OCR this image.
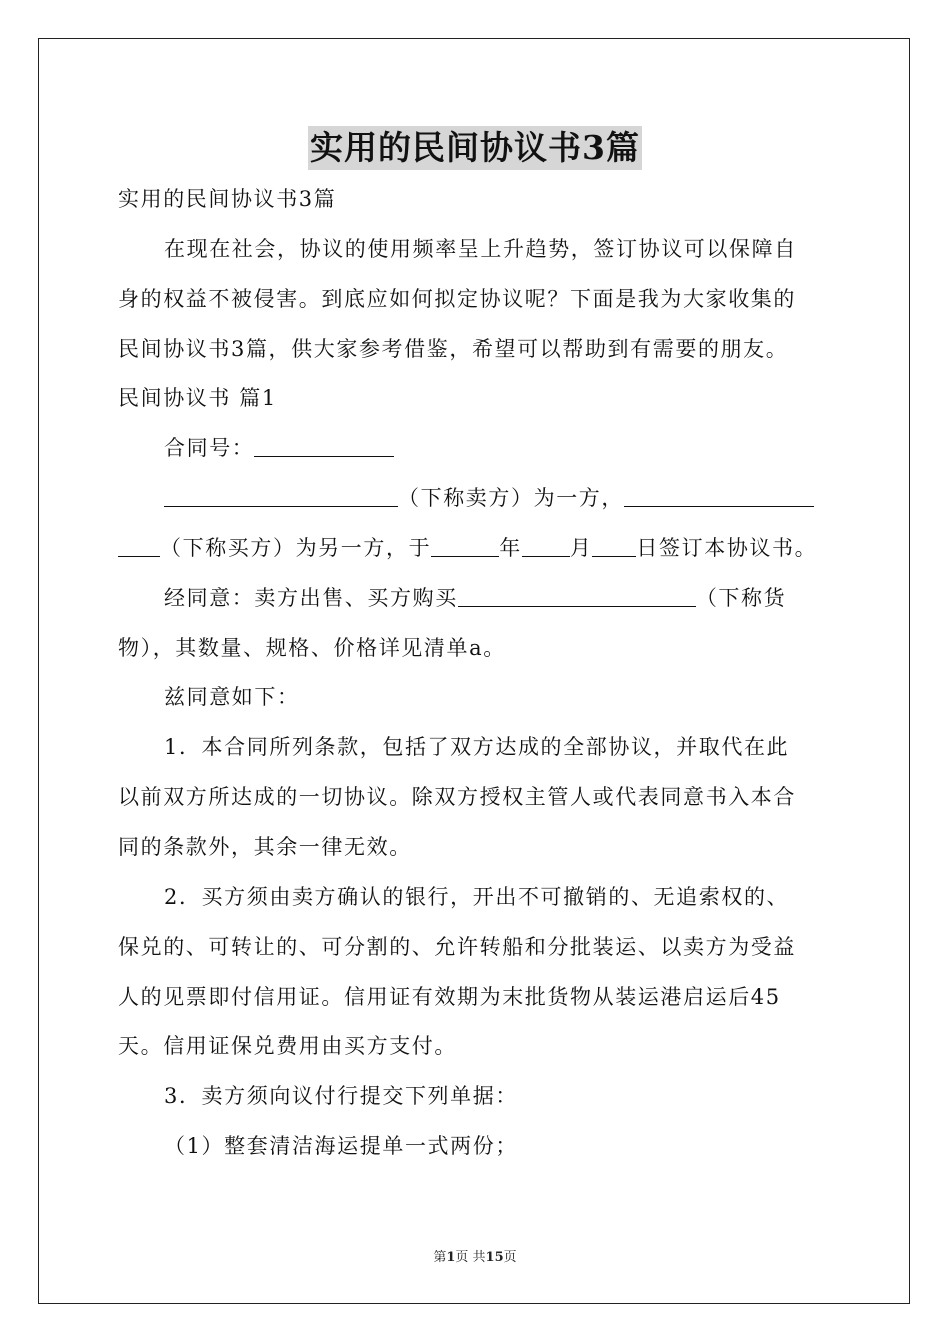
实用的民间协议书3篇
实用的民间协议书3篇
在现在社会，协议的使用频率呈上升趋势，签订协议可以保障自
身的权益不被侵害。到底应如何拟定协议呢？下面是我为大家收集的
民间协议书3篇，供大家参考借鉴，希望可以帮助到有需要的朋友。
民间协议书 篇1
合同号：
（下称卖方）为一方，
（下称买方）为另一方，于	年 月 日签订本协议书。
经同意：卖方出售、买方购买	（下称货
物），其数量、规格、价格详见清单a。
兹同意如下：
1．本合同所列条款，包括了双方达成的全部协议，并取代在此
以前双方所达成的一切协议。除双方授权主管人或代表同意书入本合
同的条款外，其余一律无效。
2．买方须由卖方确认的银行，开出不可撤销的、无追索权的、
保兑的、可转让的、可分割的、允许转船和分批装运、以卖方为受益
人的见票即付信用证。信用证有效期为末批货物从装运港启运后45
天。信用证保兑费用由买方支付。
3．卖方须向议付行提交下列单据：
（1）整套清洁海运提单一式两份；
第1页 共15页
